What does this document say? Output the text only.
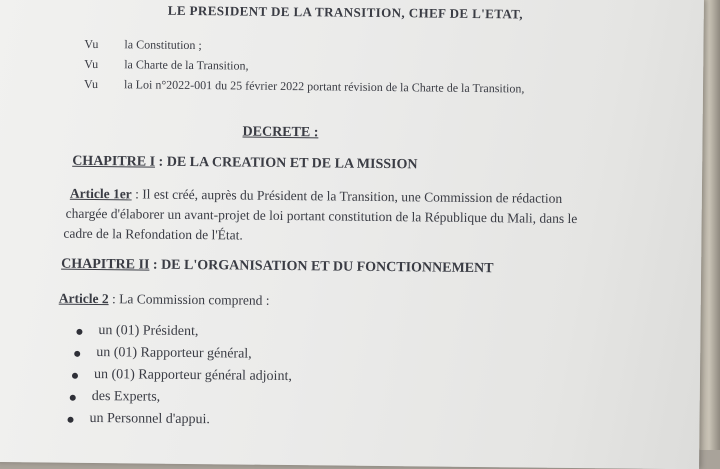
LE PRESIDENT DE LA TRANSITION, CHEF DE L'ETAT,
Vu	la Constitution ;
Vu	la Charte de la Transition,
Vu	la Loi n°2022-001 du 25 février 2022 portant révision de la Charte de la Transition,
DECRETE :
CHAPITRE I : DE LA CREATION ET DE LA MISSION
Article 1er : Il est créé, auprès du Président de la Transition, une Commission de rédaction
chargée d'élaborer un avant-projet de loi portant constitution de la République du Mali, dans le
cadre de la Refondation de l'État.
CHAPITRE II : DE L'ORGANISATION ET DU FONCTIONNEMENT
Article 2 : La Commission comprend :
un (01) Président,
un (01) Rapporteur général,
un (01) Rapporteur général adjoint,
des Experts,
un Personnel d'appui.
